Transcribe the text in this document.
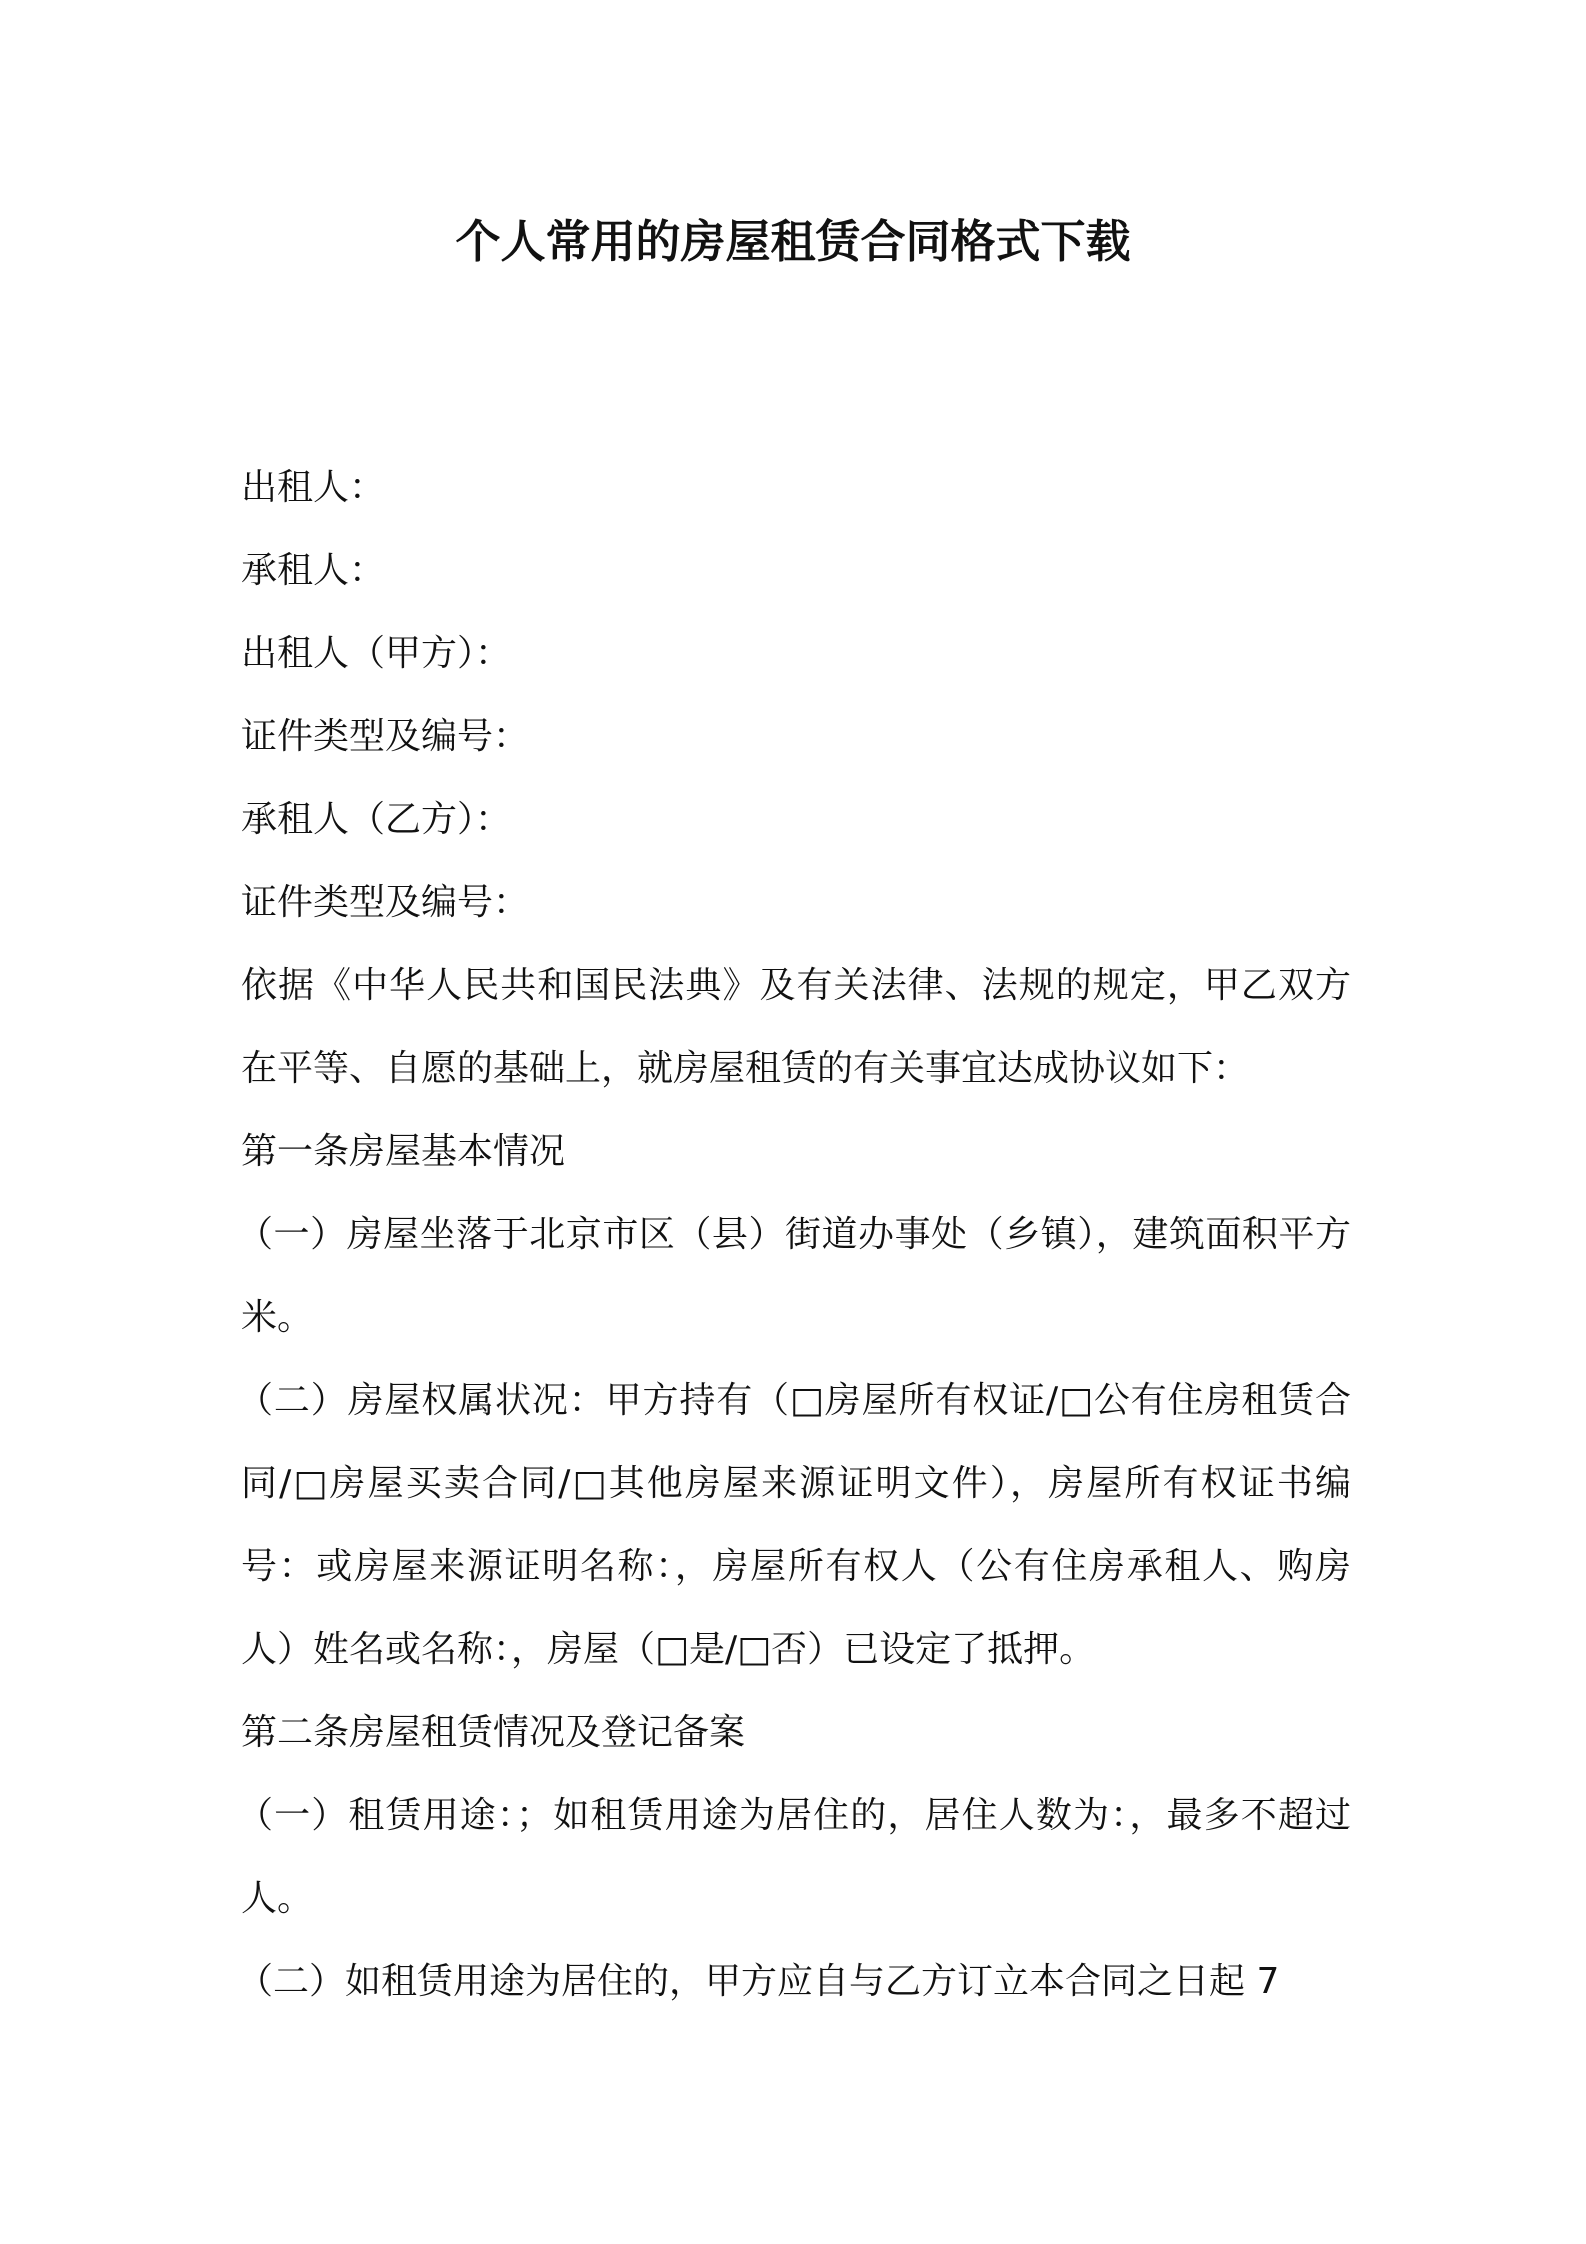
个人常用的房屋租赁合同格式下载

出租人：

承租人：

出租人（甲方）：

证件类型及编号：

承租人（乙方）：

证件类型及编号：

依据《中华人民共和国民法典》及有关法律、法规的规定，甲乙双方在平等、自愿的基础上，就房屋租赁的有关事宜达成协议如下：

第一条房屋基本情况

（一）房屋坐落于北京市区（县）街道办事处（乡镇），建筑面积平方米。

（二）房屋权属状况：甲方持有（□房屋所有权证/□公有住房租赁合同/□房屋买卖合同/□其他房屋来源证明文件），房屋所有权证书编号：或房屋来源证明名称：，房屋所有权人（公有住房承租人、购房人）姓名或名称：，房屋（□是/□否）已设定了抵押。

第二条房屋租赁情况及登记备案

（一）租赁用途：；如租赁用途为居住的，居住人数为：，最多不超过人。

（二）如租赁用途为居住的，甲方应自与乙方订立本合同之日起 7
